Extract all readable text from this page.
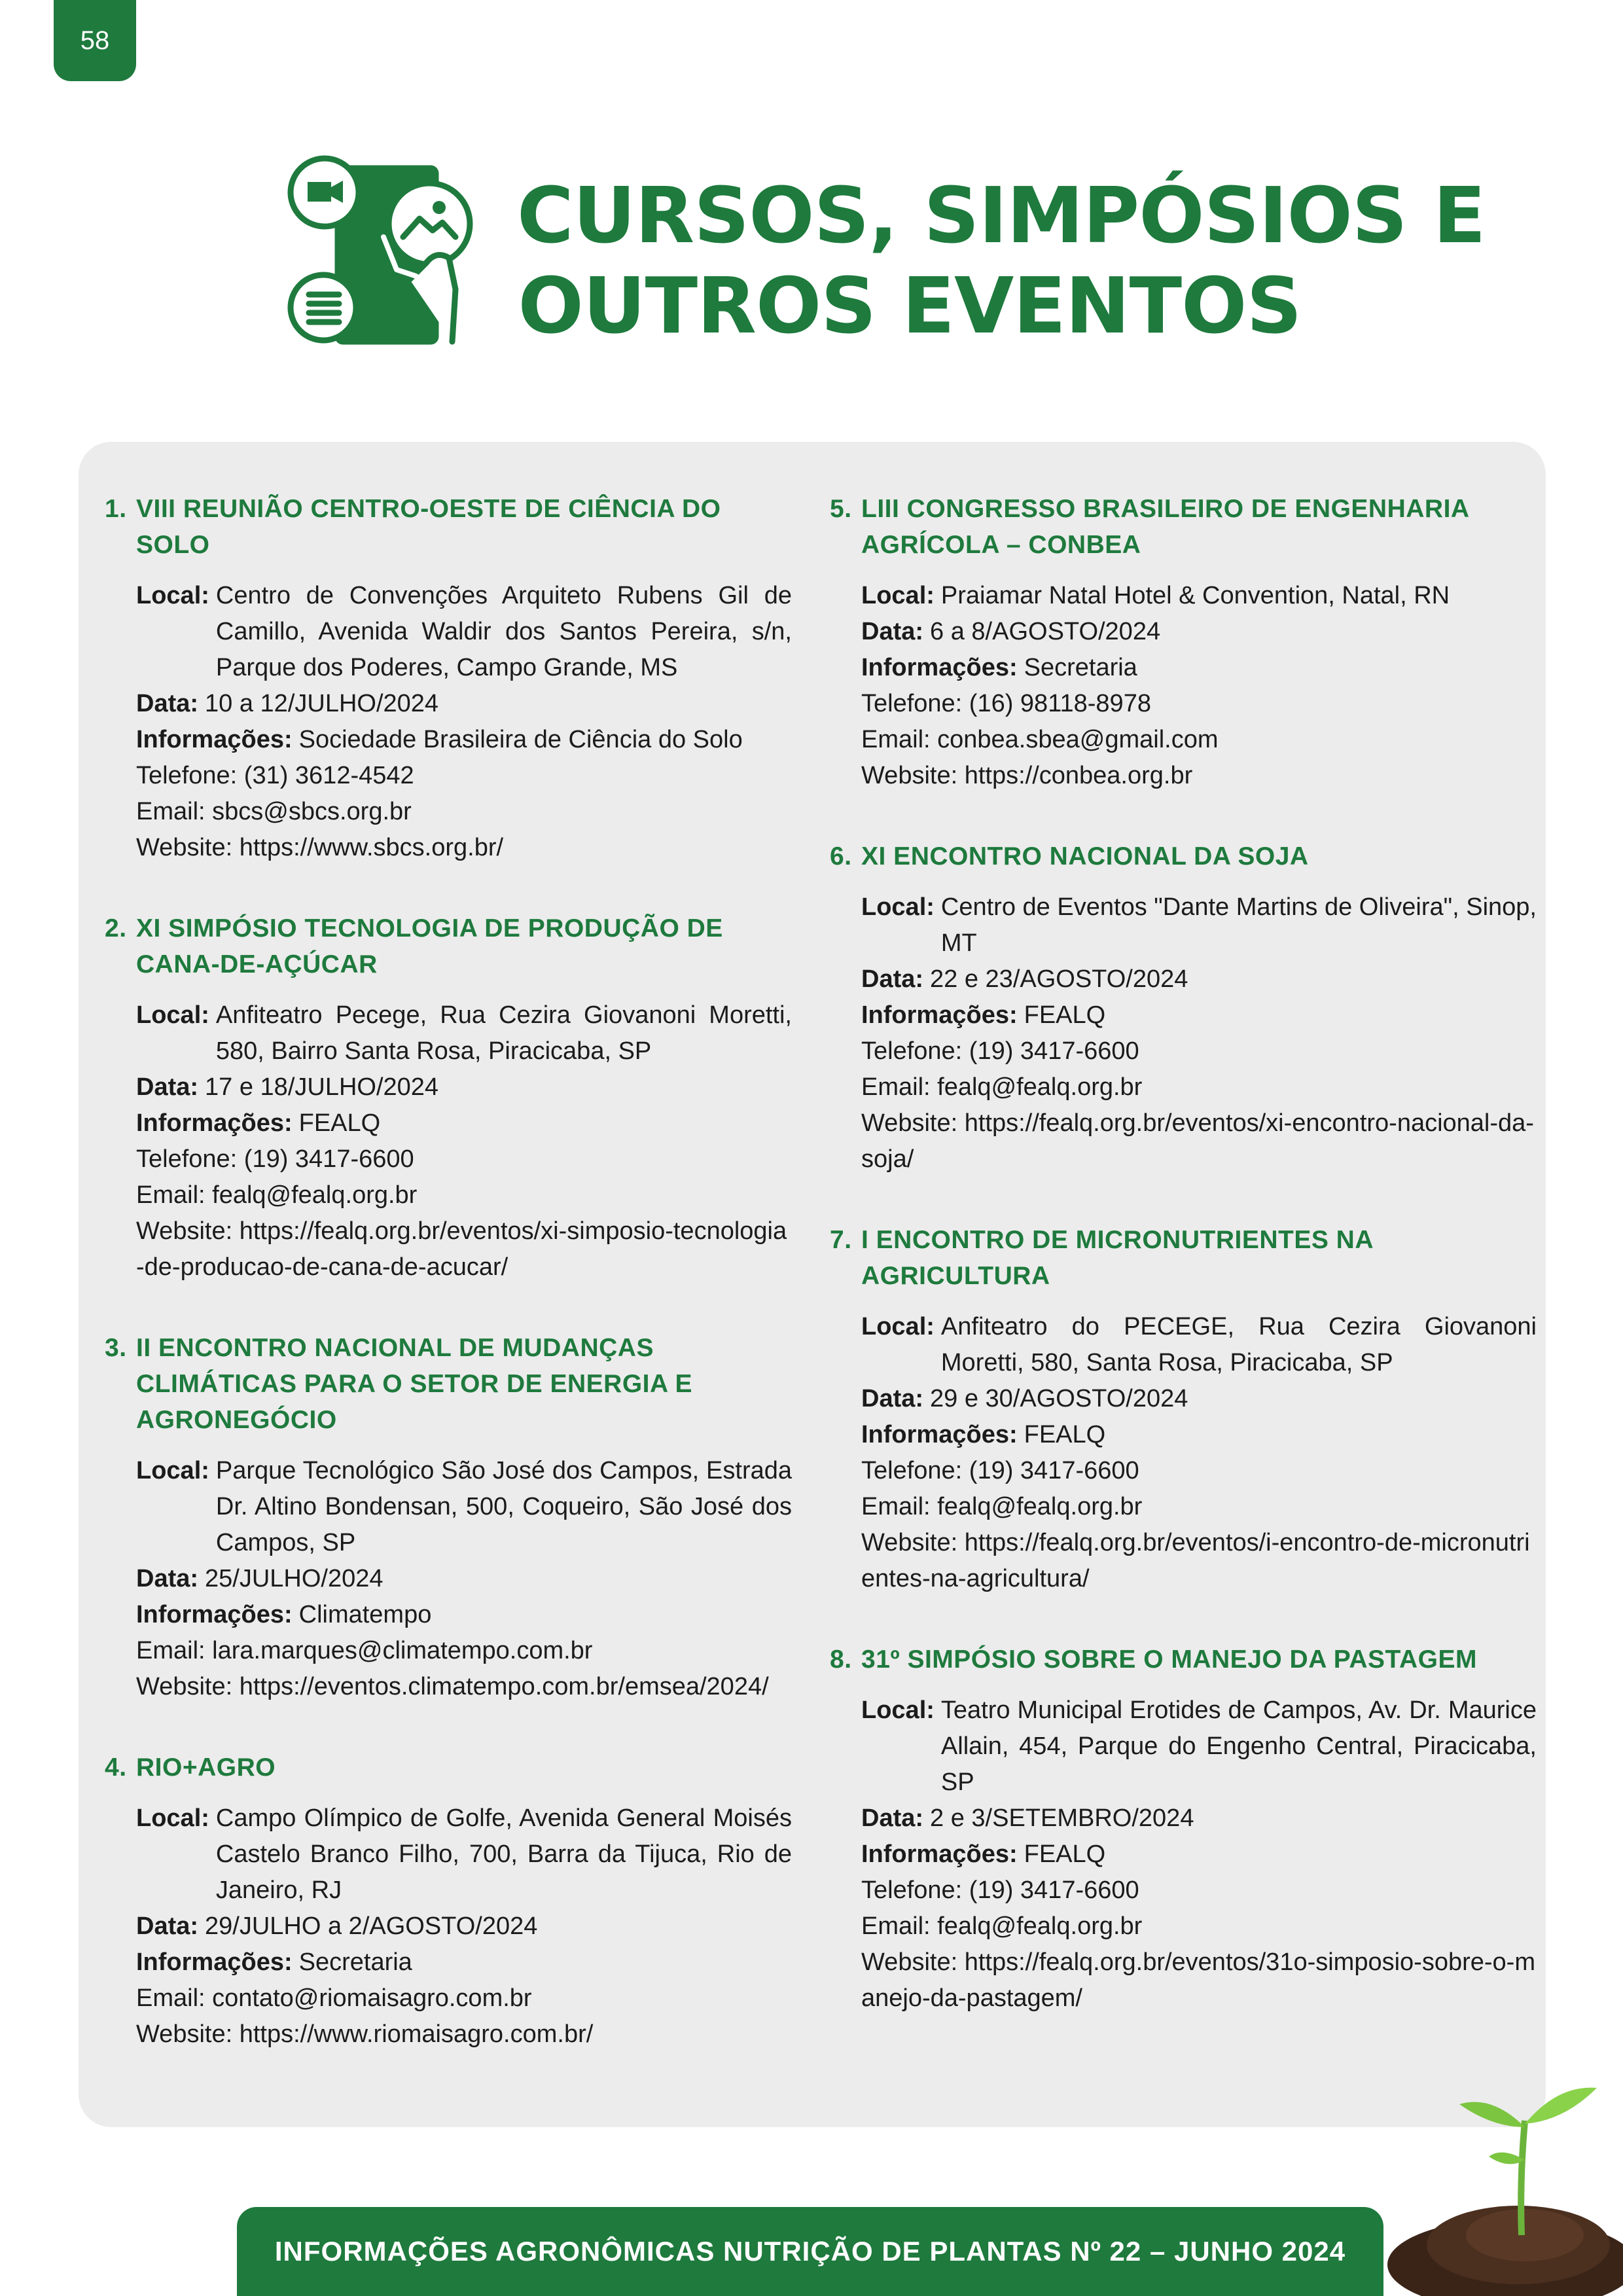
58
CURSOS, SIMPÓSIOS E
OUTROS EVENTOS
1. VIII REUNIÃO CENTRO-OESTE DE CIÊNCIA DO SOLO
Local: Centro de Convenções Arquiteto Rubens Gil de Camillo, Avenida Waldir dos Santos Pereira, s/n, Parque dos Poderes, Campo Grande, MS
Data: 10 a 12/JULHO/2024
Informações: Sociedade Brasileira de Ciência do Solo
Telefone: (31) 3612-4542
Email: sbcs@sbcs.org.br
Website: https://www.sbcs.org.br/
2. XI SIMPÓSIO TECNOLOGIA DE PRODUÇÃO DE CANA-DE-AÇÚCAR
Local: Anfiteatro Pecege, Rua Cezira Giovanoni Moretti, 580, Bairro Santa Rosa, Piracicaba, SP
Data: 17 e 18/JULHO/2024
Informações: FEALQ
Telefone: (19) 3417-6600
Email: fealq@fealq.org.br
Website: https://fealq.org.br/eventos/xi-simposio-tecnologia-de-producao-de-cana-de-acucar/
3. II ENCONTRO NACIONAL DE MUDANÇAS CLIMÁTICAS PARA O SETOR DE ENERGIA E AGRONEGÓCIO
Local: Parque Tecnológico São José dos Campos, Estrada Dr. Altino Bondensan, 500, Coqueiro, São José dos Campos, SP
Data: 25/JULHO/2024
Informações: Climatempo
Email: lara.marques@climatempo.com.br
Website: https://eventos.climatempo.com.br/emsea/2024/
4. RIO+AGRO
Local: Campo Olímpico de Golfe, Avenida General Moisés Castelo Branco Filho, 700, Barra da Tijuca, Rio de Janeiro, RJ
Data: 29/JULHO a 2/AGOSTO/2024
Informações: Secretaria
Email: contato@riomaisagro.com.br
Website: https://www.riomaisagro.com.br/
5. LIII CONGRESSO BRASILEIRO DE ENGENHARIA AGRÍCOLA – CONBEA
Local: Praiamar Natal Hotel & Convention, Natal, RN
Data: 6 a 8/AGOSTO/2024
Informações: Secretaria
Telefone: (16) 98118-8978
Email: conbea.sbea@gmail.com
Website: https://conbea.org.br
6. XI ENCONTRO NACIONAL DA SOJA
Local: Centro de Eventos "Dante Martins de Oliveira", Sinop, MT
Data: 22 e 23/AGOSTO/2024
Informações: FEALQ
Telefone: (19) 3417-6600
Email: fealq@fealq.org.br
Website: https://fealq.org.br/eventos/xi-encontro-nacional-da-soja/
7. I ENCONTRO DE MICRONUTRIENTES NA AGRICULTURA
Local: Anfiteatro do PECEGE, Rua Cezira Giovanoni Moretti, 580, Santa Rosa, Piracicaba, SP
Data: 29 e 30/AGOSTO/2024
Informações: FEALQ
Telefone: (19) 3417-6600
Email: fealq@fealq.org.br
Website: https://fealq.org.br/eventos/i-encontro-de-micronutrientes-na-agricultura/
8. 31º SIMPÓSIO SOBRE O MANEJO DA PASTAGEM
Local: Teatro Municipal Erotides de Campos, Av. Dr. Maurice Allain, 454, Parque do Engenho Central, Piracicaba, SP
Data: 2 e 3/SETEMBRO/2024
Informações: FEALQ
Telefone: (19) 3417-6600
Email: fealq@fealq.org.br
Website: https://fealq.org.br/eventos/31o-simposio-sobre-o-manejo-da-pastagem/
INFORMAÇÕES AGRONÔMICAS NUTRIÇÃO DE PLANTAS Nº 22 – JUNHO 2024
